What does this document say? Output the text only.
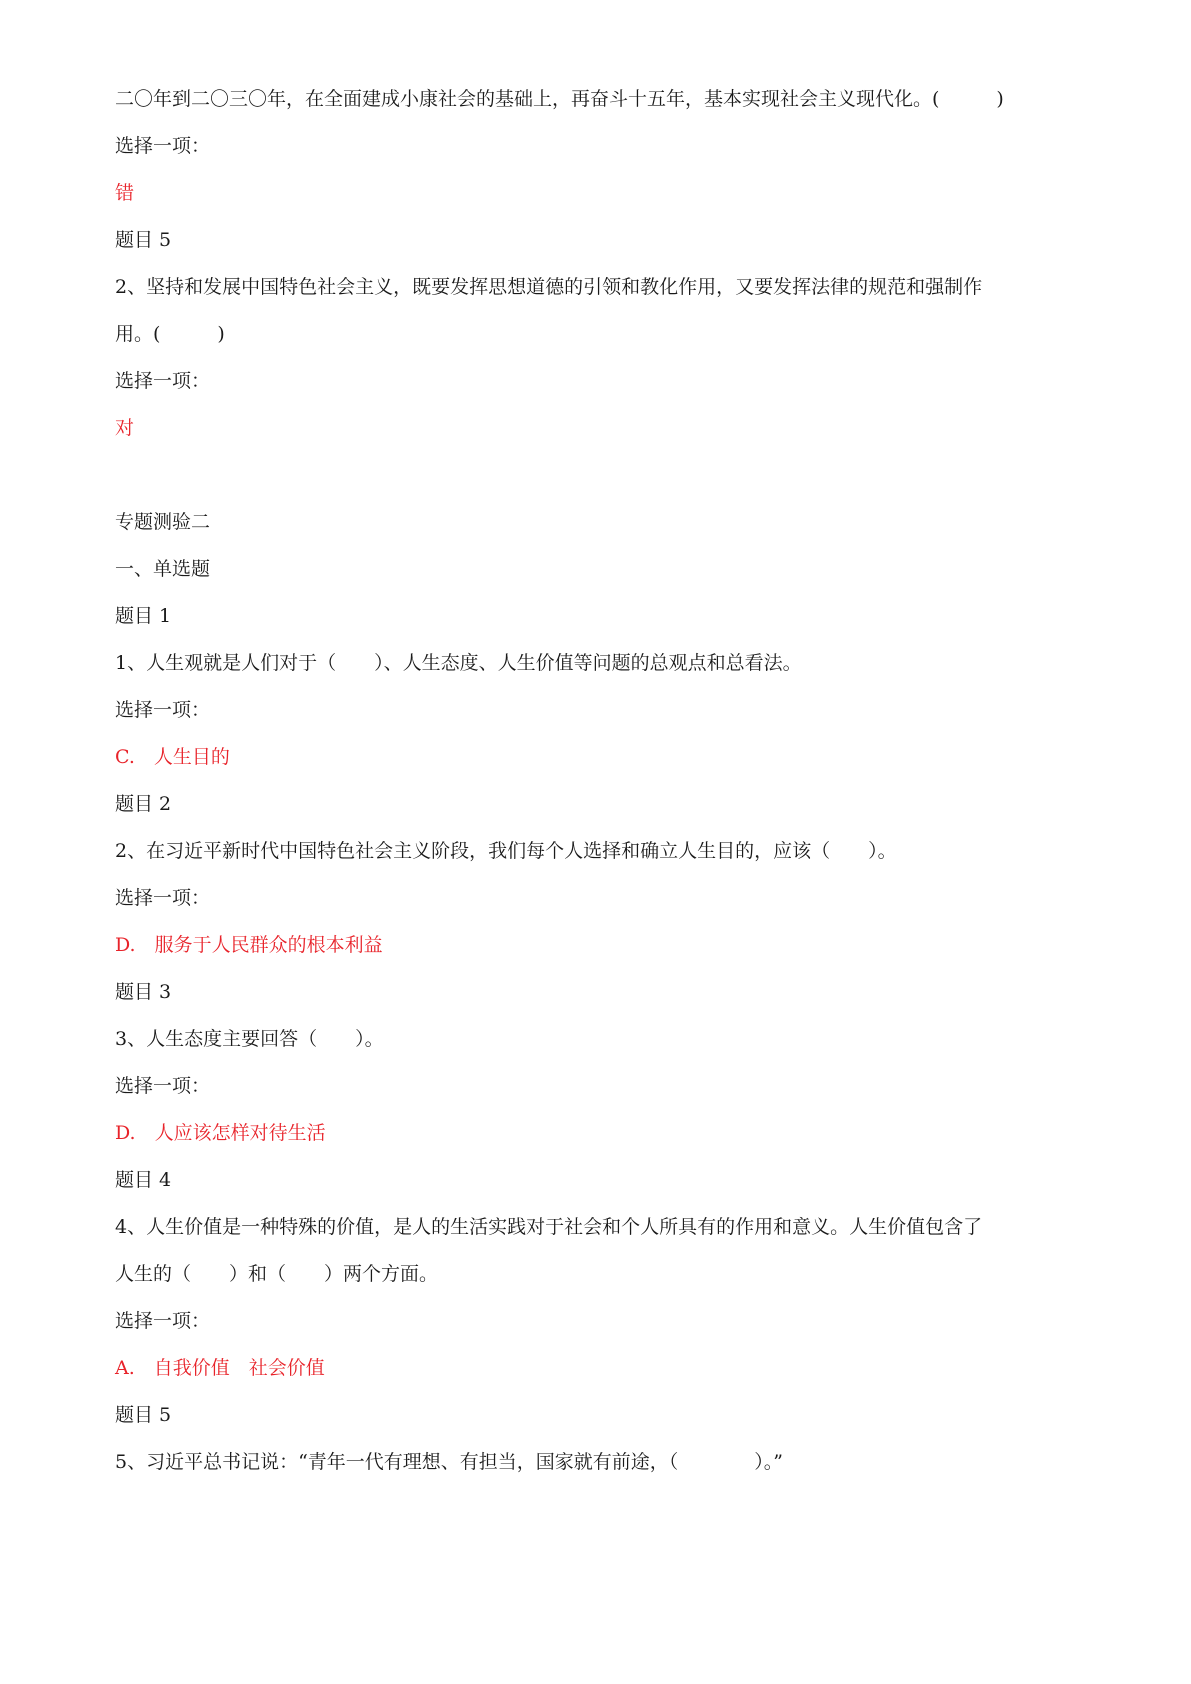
二〇年到二〇三〇年，在全面建成小康社会的基础上，再奋斗十五年，基本实现社会主义现代化。(　　　)
选择一项：
错
题目 5
2、坚持和发展中国特色社会主义，既要发挥思想道德的引领和教化作用，又要发挥法律的规范和强制作
用。(　　　)
选择一项：
对
专题测验二
一、单选题
题目 1
1、人生观就是人们对于（　　）、人生态度、人生价值等问题的总观点和总看法。
选择一项：
C.　人生目的
题目 2
2、在习近平新时代中国特色社会主义阶段，我们每个人选择和确立人生目的，应该（　　）。
选择一项：
D.　服务于人民群众的根本利益
题目 3
3、人生态度主要回答（　　）。
选择一项：
D.　人应该怎样对待生活
题目 4
4、人生价值是一种特殊的价值，是人的生活实践对于社会和个人所具有的作用和意义。人生价值包含了
人生的（　　）和（　　）两个方面。
选择一项：
A.　自我价值　社会价值
题目 5
5、习近平总书记说：“青年一代有理想、有担当，国家就有前途，（　　　　）。”
